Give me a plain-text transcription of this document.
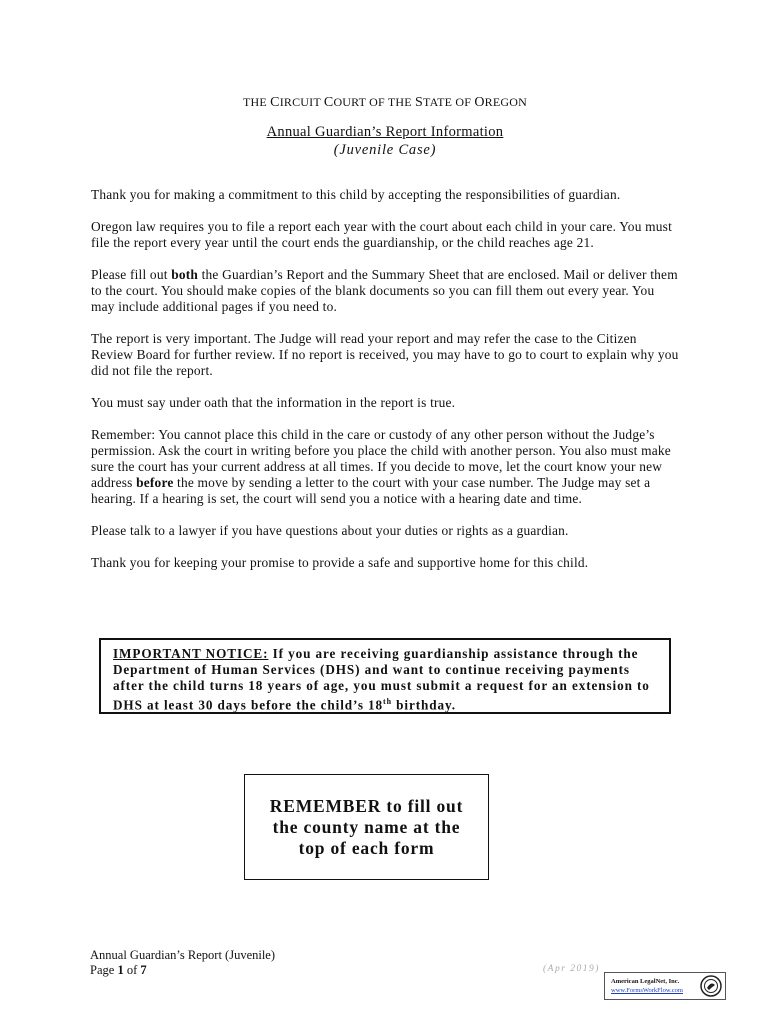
THE CIRCUIT COURT OF THE STATE OF OREGON
Annual Guardian’s Report Information
(Juvenile Case)

Thank you for making a commitment to this child by accepting the responsibilities of guardian.

Oregon law requires you to file a report each year with the court about each child in your care. You must file the report every year until the court ends the guardianship, or the child reaches age 21.

Please fill out both the Guardian’s Report and the Summary Sheet that are enclosed. Mail or deliver them to the court. You should make copies of the blank documents so you can fill them out every year. You may include additional pages if you need to.

The report is very important. The Judge will read your report and may refer the case to the Citizen Review Board for further review. If no report is received, you may have to go to court to explain why you did not file the report.

You must say under oath that the information in the report is true.

Remember: You cannot place this child in the care or custody of any other person without the Judge’s permission. Ask the court in writing before you place the child with another person. You also must make sure the court has your current address at all times. If you decide to move, let the court know your new address before the move by sending a letter to the court with your case number. The Judge may set a hearing. If a hearing is set, the court will send you a notice with a hearing date and time.

Please talk to a lawyer if you have questions about your duties or rights as a guardian.

Thank you for keeping your promise to provide a safe and supportive home for this child.

IMPORTANT NOTICE: If you are receiving guardianship assistance through the Department of Human Services (DHS) and want to continue receiving payments after the child turns 18 years of age, you must submit a request for an extension to DHS at least 30 days before the child’s 18th birthday.
REMEMBER to fill out
the county name at the
top of each form
Annual Guardian’s Report (Juvenile)
Page 1 of 7	(Apr 2019)
American LegalNet, Inc.
www.FormsWorkFlow.com
